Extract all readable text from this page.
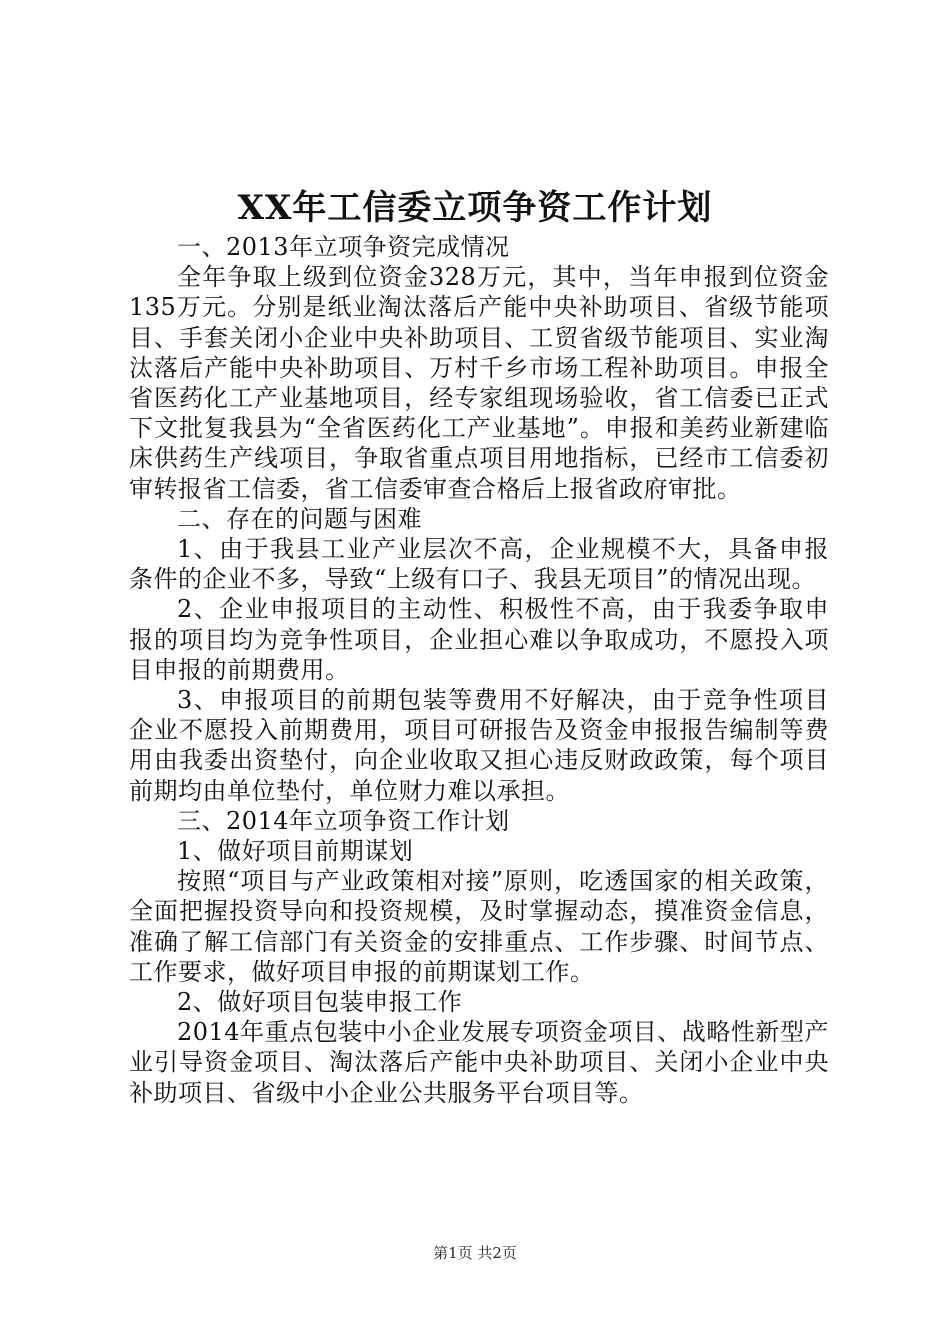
XX年工信委立项争资工作计划

一、2013年立项争资完成情况

全年争取上级到位资金328万元，其中，当年申报到位资金135万元。分别是纸业淘汰落后产能中央补助项目、省级节能项目、手套关闭小企业中央补助项目、工贸省级节能项目、实业淘汰落后产能中央补助项目、万村千乡市场工程补助项目。申报全省医药化工产业基地项目，经专家组现场验收，省工信委已正式下文批复我县为“全省医药化工产业基地”。申报和美药业新建临床供药生产线项目，争取省重点项目用地指标，已经市工信委初审转报省工信委，省工信委审查合格后上报省政府审批。

二、存在的问题与困难

1、由于我县工业产业层次不高，企业规模不大，具备申报条件的企业不多，导致“上级有口子、我县无项目”的情况出现。

2、企业申报项目的主动性、积极性不高，由于我委争取申报的项目均为竞争性项目，企业担心难以争取成功，不愿投入项目申报的前期费用。

3、申报项目的前期包装等费用不好解决，由于竞争性项目企业不愿投入前期费用，项目可研报告及资金申报报告编制等费用由我委出资垫付，向企业收取又担心违反财政政策，每个项目前期均由单位垫付，单位财力难以承担。

三、2014年立项争资工作计划

1、做好项目前期谋划

按照“项目与产业政策相对接”原则，吃透国家的相关政策，全面把握投资导向和投资规模，及时掌握动态，摸准资金信息，准确了解工信部门有关资金的安排重点、工作步骤、时间节点、工作要求，做好项目申报的前期谋划工作。

2、做好项目包装申报工作

2014年重点包装中小企业发展专项资金项目、战略性新型产业引导资金项目、淘汰落后产能中央补助项目、关闭小企业中央补助项目、省级中小企业公共服务平台项目等。

第1页 共2页
